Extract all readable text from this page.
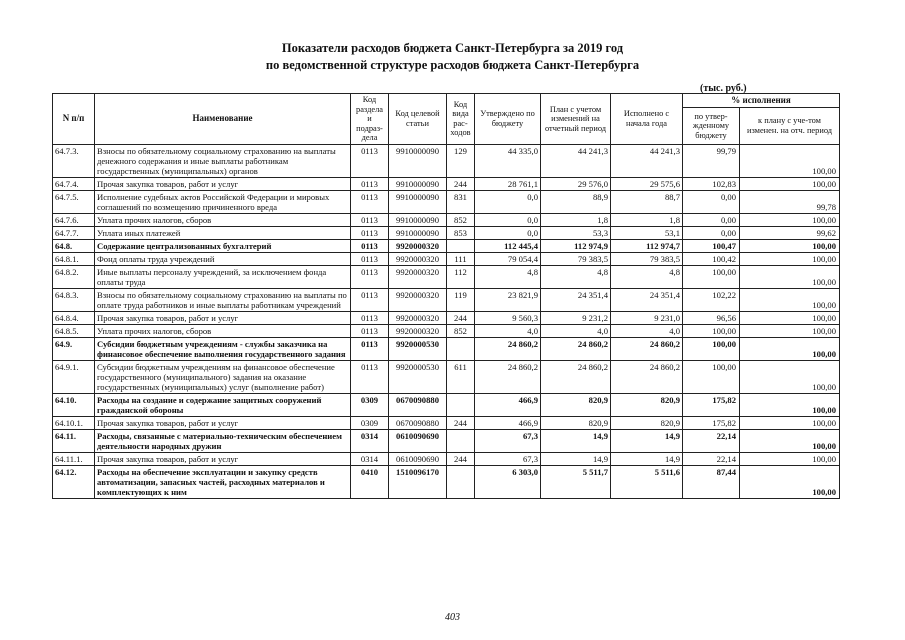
Показатели расходов бюджета Санкт-Петербурга за 2019 год
по ведомственной структуре расходов бюджета Санкт-Петербурга
(тыс. руб.)
N п/п	Наименование	Код раздела и подраз-дела	Код целевой статьи	Код вида рас-ходов	Утверждено по бюджету	План с учетом изменений на отчетный период	Исполнено с начала года	% исполнения	
								по утвер-жденному бюджету	к плану с уче-том изменен. на отч. период
64.7.3.	Взносы по обязательному социальному страхованию на выплаты денежного содержания и иные выплаты работникам государственных (муниципальных) органов	0113	9910000090	129	44 335,0	44 241,3	44 241,3	99,79	100,00
64.7.4.	Прочая закупка товаров, работ и услуг	0113	9910000090	244	28 761,1	29 576,0	29 575,6	102,83	100,00
64.7.5.	Исполнение судебных актов Российской Федерации и мировых соглашений по возмещению причиненного вреда	0113	9910000090	831	0,0	88,9	88,7	0,00	99,78
64.7.6.	Уплата прочих налогов, сборов	0113	9910000090	852	0,0	1,8	1,8	0,00	100,00
64.7.7.	Уплата иных платежей	0113	9910000090	853	0,0	53,3	53,1	0,00	99,62
64.8.	Содержание централизованных бухгалтерий	0113	9920000320		112 445,4	112 974,9	112 974,7	100,47	100,00
64.8.1.	Фонд оплаты труда учреждений	0113	9920000320	111	79 054,4	79 383,5	79 383,5	100,42	100,00
64.8.2.	Иные выплаты персоналу учреждений, за исключением фонда оплаты труда	0113	9920000320	112	4,8	4,8	4,8	100,00	100,00
64.8.3.	Взносы по обязательному социальному страхованию на выплаты по оплате труда работников и иные выплаты работникам учреждений	0113	9920000320	119	23 821,9	24 351,4	24 351,4	102,22	100,00
64.8.4.	Прочая закупка товаров, работ и услуг	0113	9920000320	244	9 560,3	9 231,2	9 231,0	96,56	100,00
64.8.5.	Уплата прочих налогов, сборов	0113	9920000320	852	4,0	4,0	4,0	100,00	100,00
64.9.	Субсидии бюджетным учреждениям - службы заказчика на финансовое обеспечение выполнения государственного задания	0113	9920000530		24 860,2	24 860,2	24 860,2	100,00	100,00
64.9.1.	Субсидии бюджетным учреждениям на финансовое обеспечение государственного (муниципального) задания на оказание государственных (муниципальных) услуг (выполнение работ)	0113	9920000530	611	24 860,2	24 860,2	24 860,2	100,00	100,00
64.10.	Расходы на создание и содержание защитных сооружений гражданской обороны	0309	0670090880		466,9	820,9	820,9	175,82	100,00
64.10.1.	Прочая закупка товаров, работ и услуг	0309	0670090880	244	466,9	820,9	820,9	175,82	100,00
64.11.	Расходы, связанные с материально-техническим обеспечением деятельности народных дружин	0314	0610090690		67,3	14,9	14,9	22,14	100,00
64.11.1.	Прочая закупка товаров, работ и услуг	0314	0610090690	244	67,3	14,9	14,9	22,14	100,00
64.12.	Расходы на обеспечение эксплуатации и закупку средств автоматизации, запасных частей, расходных материалов и комплектующих к ним	0410	1510096170		6 303,0	5 511,7	5 511,6	87,44	100,00
403
